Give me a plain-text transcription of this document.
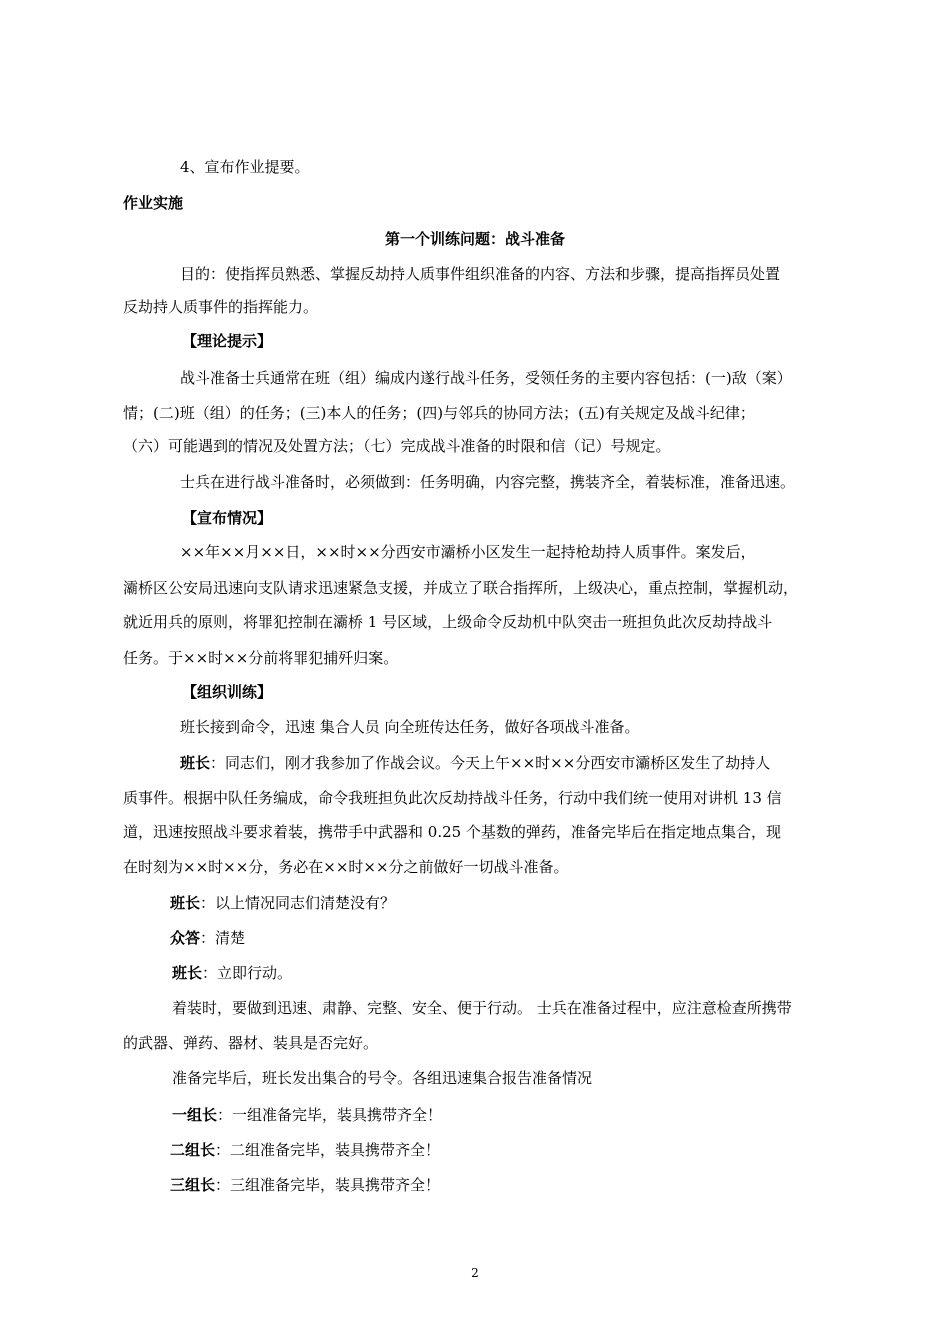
4、宣布作业提要。
作业实施
第一个训练问题：战斗准备
目的：使指挥员熟悉、掌握反劫持人质事件组织准备的内容、方法和步骤，提高指挥员处置
反劫持人质事件的指挥能力。
【理论提示】
战斗准备士兵通常在班（组）编成内遂行战斗任务，受领任务的主要内容包括：(一)敌（案）
情；(二)班（组）的任务；(三)本人的任务；(四)与邻兵的协同方法；(五)有关规定及战斗纪律；
（六）可能遇到的情况及处置方法；（七）完成战斗准备的时限和信（记）号规定。
士兵在进行战斗准备时，必须做到：任务明确，内容完整，携装齐全，着装标准，准备迅速。
【宣布情况】
××年××月××日，××时××分西安市灞桥小区发生一起持枪劫持人质事件。案发后，
灞桥区公安局迅速向支队请求迅速紧急支援，并成立了联合指挥所，上级决心，重点控制，掌握机动，
就近用兵的原则，将罪犯控制在灞桥 1 号区域，上级命令反劫机中队突击一班担负此次反劫持战斗
任务。于××时××分前将罪犯捕歼归案。
【组织训练】
班长接到命令，迅速 集合人员 向全班传达任务，做好各项战斗准备。
班长：同志们，刚才我参加了作战会议。今天上午××时××分西安市灞桥区发生了劫持人
质事件。根据中队任务编成，命令我班担负此次反劫持战斗任务，行动中我们统一使用对讲机 13 信
道，迅速按照战斗要求着装，携带手中武器和 0.25 个基数的弹药，准备完毕后在指定地点集合，现
在时刻为××时××分，务必在××时××分之前做好一切战斗准备。
班长：以上情况同志们清楚没有？
众答：清楚
班长：立即行动。
着装时，要做到迅速、肃静、完整、安全、便于行动。 士兵在准备过程中，应注意检查所携带
的武器、弹药、器材、装具是否完好。
准备完毕后，班长发出集合的号令。各组迅速集合报告准备情况
一组长：一组准备完毕，装具携带齐全！
二组长：二组准备完毕，装具携带齐全！
三组长：三组准备完毕，装具携带齐全！
2
